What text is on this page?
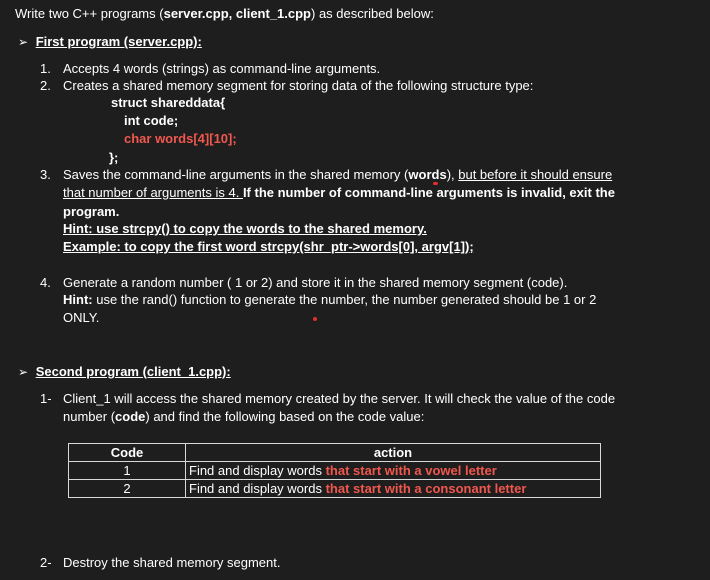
Write two C++ programs (server.cpp, client_1.cpp) as described below:
➢ First program (server.cpp):
1. Accepts 4 words (strings) as command-line arguments.
2. Creates a shared memory segment for storing data of the following structure type:
struct shareddata{
int code;
char words[4][10];
};
3. Saves the command-line arguments in the shared memory (words), but before it should ensure
that number of arguments is 4. If the number of command-line arguments is invalid, exit the
program.
Hint: use strcpy() to copy the words to the shared memory.
Example: to copy the first word strcpy(shr_ptr->words[0], argv[1]);
4. Generate a random number ( 1 or 2) and store it in the shared memory segment (code).
Hint: use the rand() function to generate the number, the number generated should be 1 or 2
ONLY.
➢ Second program (client_1.cpp):
1- Client_1 will access the shared memory created by the server. It will check the value of the code
number (code) and find the following based on the code value:
Code	action
1	Find and display words that start with a vowel letter
2	Find and display words that start with a consonant letter
2- Destroy the shared memory segment.
